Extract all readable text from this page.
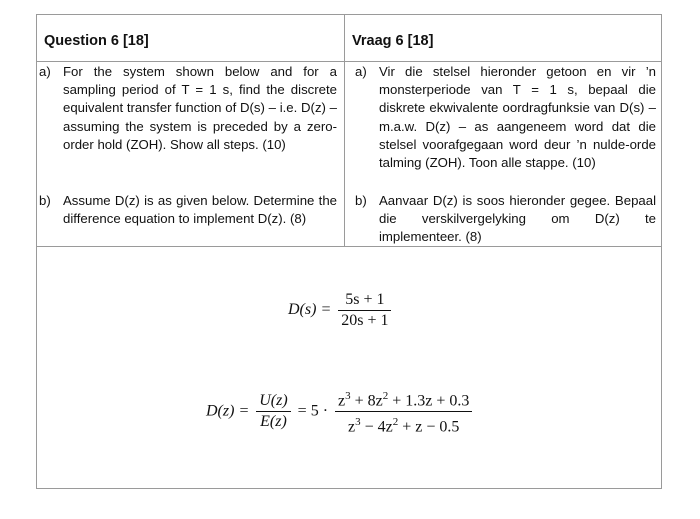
Question 6 [18]	Vraag 6 [18]
a) For the system shown below and for a sampling period of T = 1 s, find the discrete equivalent transfer function of D(s) – i.e. D(z) – assuming the system is preceded by a zero-order hold (ZOH). Show all steps. (10)
b) Assume D(z) is as given below. Determine the difference equation to implement D(z). (8)
a) Vir die stelsel hieronder getoon en vir ’n monsterperiode van T = 1 s, bepaal die diskrete ekwivalente oordragfunksie van D(s) – m.a.w. D(z) – as aangeneem word dat die stelsel voorafgegaan word deur ’n nulde-orde talming (ZOH). Toon alle stappe. (10)
b) Aanvaar D(z) is soos hieronder gegee. Bepaal die verskilvergelyking om D(z) te implementeer. (8)
$D(s) = \frac{5s + 1}{20s + 1}$
$D(z) = \frac{U(z)}{E(z)} = 5 \cdot \frac{z^3 + 8z^2 + 1.3z + 0.3}{z^3 - 4z^2 + z - 0.5}$
